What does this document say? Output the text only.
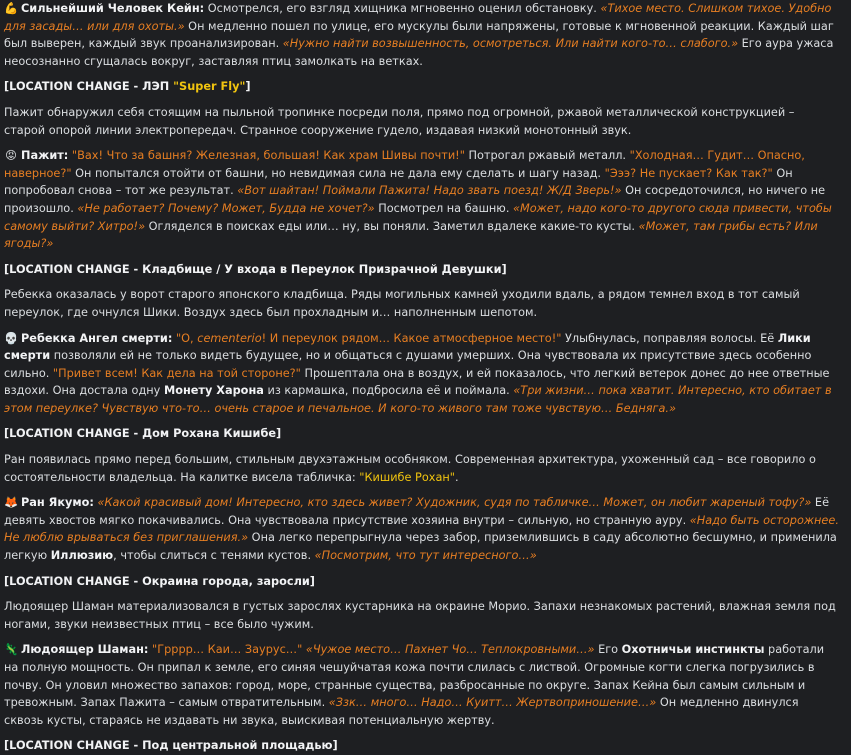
💪 Сильнейший Человек Кейн: Осмотрелся, его взгляд хищника мгновенно оценил обстановку. «Тихое место. Слишком тихое. Удобно для засады… или для охоты.» Он медленно пошел по улице, его мускулы были напряжены, готовые к мгновенной реакции. Каждый шаг был выверен, каждый звук проанализирован. «Нужно найти возвышенность, осмотреться. Или найти кого-то… слабого.» Его аура ужаса неосознанно сгущалась вокруг, заставляя птиц замолкать на ветках.

[LOCATION CHANGE - ЛЭП "Super Fly"]

Пажит обнаружил себя стоящим на пыльной тропинке посреди поля, прямо под огромной, ржавой металлической конструкцией – старой опорой линии электропередач. Странное сооружение гудело, издавая низкий монотонный звук.

😡 Пажит: "Вах! Что за башня? Железная, большая! Как храм Шивы почти!" Потрогал ржавый металл. "Холодная… Гудит… Опасно, наверное?" Он попытался отойти от башни, но невидимая сила не дала ему сделать и шагу назад. "Эээ? Не пускает? Как так?" Он попробовал снова – тот же результат. «Вот шайтан! Поймали Пажита! Надо звать поезд! Ж/Д Зверь!» Он сосредоточился, но ничего не произошло. «Не работает? Почему? Может, Будда не хочет?» Посмотрел на башню. «Может, надо кого-то другого сюда привести, чтобы самому выйти? Хитро!» Огляделся в поисках еды или… ну, вы поняли. Заметил вдалеке какие-то кусты. «Может, там грибы есть? Или ягоды?»

[LOCATION CHANGE - Кладбище / У входа в Переулок Призрачной Девушки]

Ребекка оказалась у ворот старого японского кладбища. Ряды могильных камней уходили вдаль, а рядом темнел вход в тот самый переулок, где очнулся Шики. Воздух здесь был прохладным и… наполненным шепотом.

💀 Ребекка Ангел смерти: "О, cementerio! И переулок рядом… Какое атмосферное место!" Улыбнулась, поправляя волосы. Её Лики смерти позволяли ей не только видеть будущее, но и общаться с душами умерших. Она чувствовала их присутствие здесь особенно сильно. "Привет всем! Как дела на той стороне?" Прошептала она в воздух, и ей показалось, что легкий ветерок донес до нее ответные вздохи. Она достала одну Монету Харона из кармашка, подбросила её и поймала. «Три жизни… пока хватит. Интересно, кто обитает в этом переулке? Чувствую что-то… очень старое и печальное. И кого-то живого там тоже чувствую… Бедняга.»

[LOCATION CHANGE - Дом Рохана Кишибе]

Ран появилась прямо перед большим, стильным двухэтажным особняком. Современная архитектура, ухоженный сад – все говорило о состоятельности владельца. На калитке висела табличка: "Кишибе Рохан".

🦊 Ран Якумо: «Какой красивый дом! Интересно, кто здесь живет? Художник, судя по табличке… Может, он любит жареный тофу?» Её девять хвостов мягко покачивались. Она чувствовала присутствие хозяина внутри – сильную, но странную ауру. «Надо быть осторожнее. Не люблю врываться без приглашения.» Она легко перепрыгнула через забор, приземлившись в саду абсолютно бесшумно, и применила легкую Иллюзию, чтобы слиться с тенями кустов. «Посмотрим, что тут интересного…»

[LOCATION CHANGE - Окраина города, заросли]

Людоящер Шаман материализовался в густых зарослях кустарника на окраине Морио. Запахи незнакомых растений, влажная земля под ногами, звуки неизвестных птиц – все было чужим.

🦎 Людоящер Шаман: "Грррр… Каи… Заурус…" «Чужое место… Пахнет Чо… Теплокровными…» Его Охотничьи инстинкты работали на полную мощность. Он припал к земле, его синяя чешуйчатая кожа почти слилась с листвой. Огромные когти слегка погрузились в почву. Он уловил множество запахов: город, море, странные существа, разбросанные по округе. Запах Кейна был самым сильным и тревожным. Запах Пажита – самым отвратительным. «Ззк… много… Надо… Куитт… Жертвоприношение…» Он медленно двинулся сквозь кусты, стараясь не издавать ни звука, выискивая потенциальную жертву.

[LOCATION CHANGE - Под центральной площадью]
